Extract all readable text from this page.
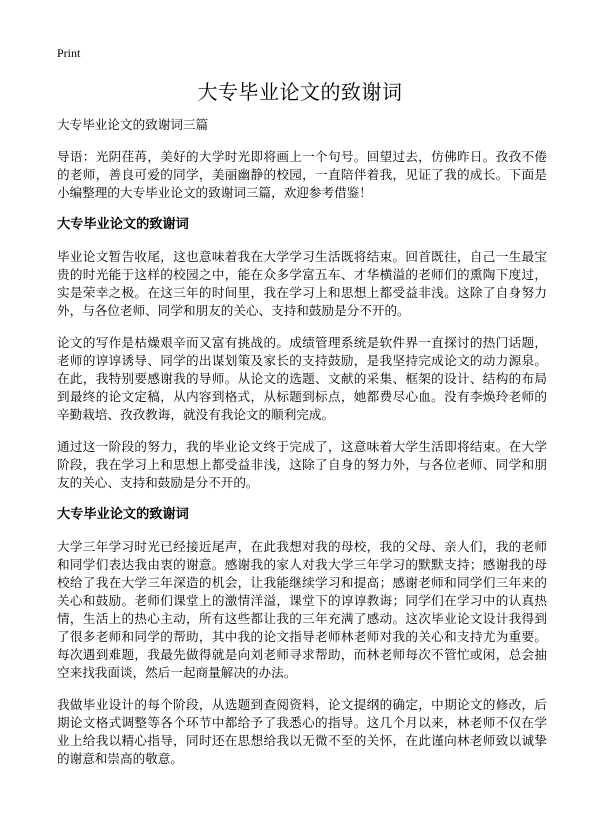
Print
大专毕业论文的致谢词
大专毕业论文的致谢词三篇

导语：光阴荏苒，美好的大学时光即将画上一个句号。回望过去，仿佛昨日。孜孜不倦的老师，善良可爱的同学，美丽幽静的校园，一直陪伴着我，见证了我的成长。下面是小编整理的大专毕业论文的致谢词三篇，欢迎参考借鉴！

大专毕业论文的致谢词

毕业论文暂告收尾，这也意味着我在大学学习生活既将结束。回首既往，自己一生最宝贵的时光能于这样的校园之中，能在众多学富五车、才华横溢的老师们的熏陶下度过，实是荣幸之极。在这三年的时间里，我在学习上和思想上都受益非浅。这除了自身努力外，与各位老师、同学和朋友的关心、支持和鼓励是分不开的。

论文的写作是枯燥艰辛而又富有挑战的。成绩管理系统是软件界一直探讨的热门话题，老师的谆谆诱导、同学的出谋划策及家长的支持鼓励，是我坚持完成论文的动力源泉。在此，我特别要感谢我的导师。从论文的选题、文献的采集、框架的设计、结构的布局到最终的论文定稿，从内容到格式，从标题到标点，她都费尽心血。没有李焕玲老师的辛勤栽培、孜孜教诲，就没有我论文的顺利完成。

通过这一阶段的努力，我的毕业论文终于完成了，这意味着大学生活即将结束。在大学阶段，我在学习上和思想上都受益非浅，这除了自身的努力外，与各位老师、同学和朋友的关心、支持和鼓励是分不开的。

大专毕业论文的致谢词

大学三年学习时光已经接近尾声，在此我想对我的母校，我的父母、亲人们，我的老师和同学们表达我由衷的谢意。感谢我的家人对我大学三年学习的默默支持；感谢我的母校给了我在大学三年深造的机会，让我能继续学习和提高；感谢老师和同学们三年来的关心和鼓励。老师们课堂上的激情洋溢，课堂下的谆谆教诲；同学们在学习中的认真热情，生活上的热心主动，所有这些都让我的三年充满了感动。这次毕业论文设计我得到了很多老师和同学的帮助，其中我的论文指导老师林老师对我的关心和支持尤为重要。每次遇到难题，我最先做得就是向刘老师寻求帮助，而林老师每次不管忙或闲，总会抽空来找我面谈，然后一起商量解决的办法。

我做毕业设计的每个阶段，从选题到查阅资料，论文提纲的确定，中期论文的修改，后期论文格式调整等各个环节中都给予了我悉心的指导。这几个月以来，林老师不仅在学业上给我以精心指导，同时还在思想给我以无微不至的关怀，在此谨向林老师致以诚挚的谢意和崇高的敬意。
